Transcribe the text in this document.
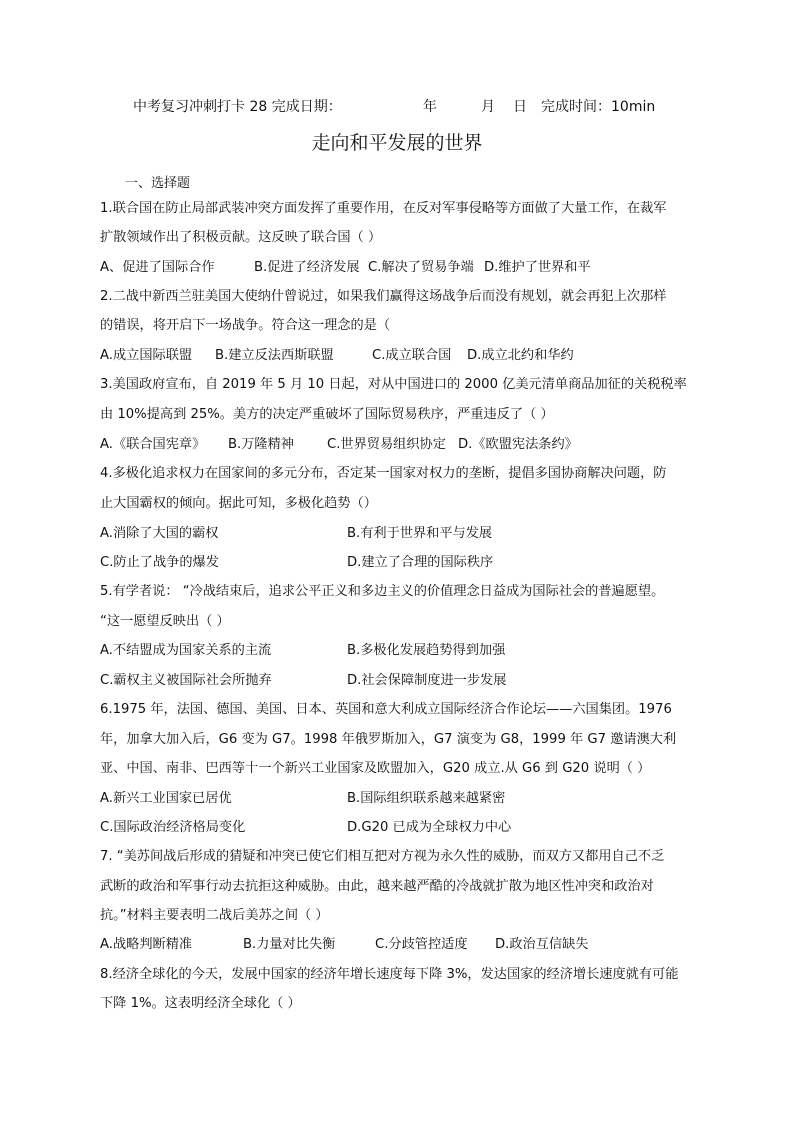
中考复习冲刺打卡 28 完成日期：	年	月 日 完成时间：10min
走向和平发展的世界
一、选择题
1.联合国在防止局部武装冲突方面发挥了重要作用，在反对军事侵略等方面做了大量工作，在裁军
扩散领域作出了积极贡献。这反映了联合国（ ）
A、促进了国际合作	B.促进了经济发展 C.解决了贸易争端 D.维护了世界和平
2.二战中新西兰驻美国大使纳什曾说过，如果我们赢得这场战争后而没有规划，就会再犯上次那样
的错误，将开启下一场战争。符合这一理念的是（
A.成立国际联盟 B.建立反法西斯联盟	C.成立联合国 D.成立北约和华约
3.美国政府宣布，自 2019 年 5 月 10 日起，对从中国进口的 2000 亿美元清单商品加征的关税税率
由 10%提高到 25%。美方的决定严重破坏了国际贸易秩序，严重违反了（ ）
A.《联合国宪章》 B.万隆精神	C.世界贸易组织协定 D.《欧盟宪法条约》
4.多极化追求权力在国家间的多元分布，否定某一国家对权力的垄断，提倡多国协商解决问题，防
止大国霸权的倾向。据此可知，多极化趋势（）
A.消除了大国的霸权	B.有利于世界和平与发展
C.防止了战争的爆发	D.建立了合理的国际秩序
5.有学者说： “冷战结束后，追求公平正义和多边主义的价值理念日益成为国际社会的普遍愿望。
“这一愿望反映出（ ）
A.不结盟成为国家关系的主流	B.多极化发展趋势得到加强
C.霸权主义被国际社会所抛弃	D.社会保障制度进一步发展
6.1975 年，法国、德国、美国、日本、英国和意大利成立国际经济合作论坛——六国集团。1976
年，加拿大加入后，G6 变为 G7。1998 年俄罗斯加入，G7 演变为 G8，1999 年 G7 邀请澳大利
亚、中国、南非、巴西等十一个新兴工业国家及欧盟加入，G20 成立.从 G6 到 G20 说明（ ）
A.新兴工业国家已居优	B.国际组织联系越来越紧密
C.国际政治经济格局变化	D.G20 已成为全球权力中心
7. “美苏间战后形成的猜疑和冲突已使它们相互把对方视为永久性的威胁，而双方又都用自己不乏
武断的政治和军事行动去抗拒这种威胁。由此，越来越严酷的冷战就扩散为地区性冲突和政治对
抗。”材料主要表明二战后美苏之间（ ）
A.战略判断精准	B.力量对比失衡	C.分歧管控适度 D.政治互信缺失
8.经济全球化的今天，发展中国家的经济年增长速度每下降 3%，发达国家的经济增长速度就有可能
下降 1%。这表明经济全球化（ ）
